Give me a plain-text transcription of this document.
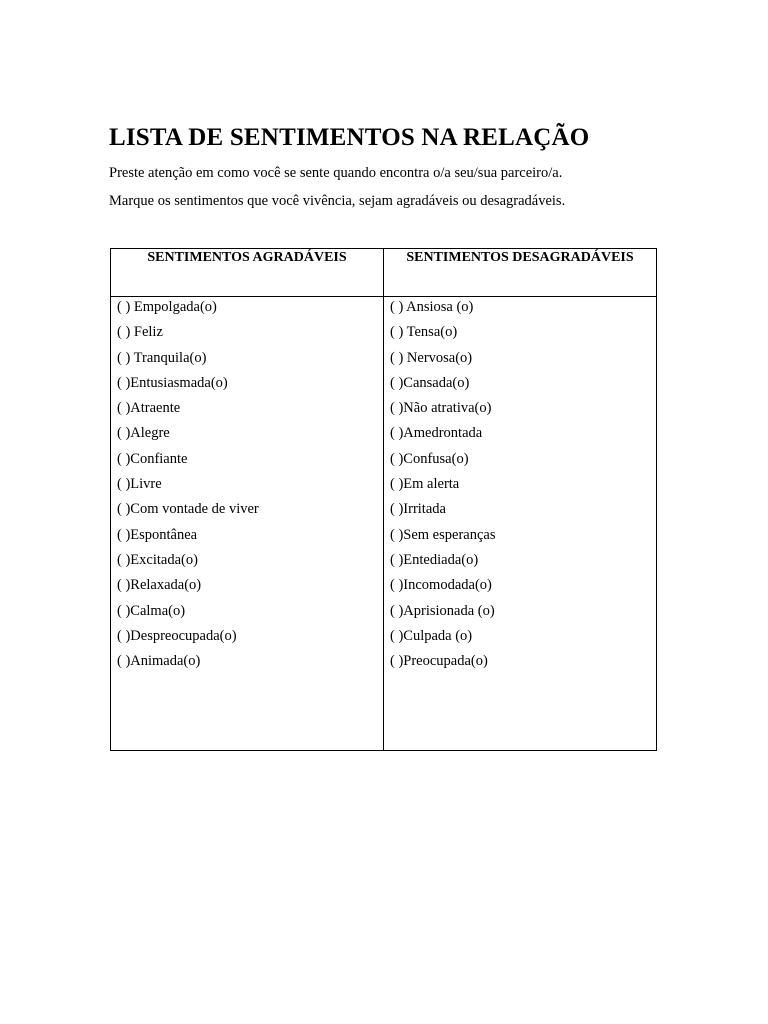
LISTA DE SENTIMENTOS NA RELAÇÃO

Preste atenção em como você se sente quando encontra o/a seu/sua parceiro/a.

Marque os sentimentos que você vivência, sejam agradáveis ou desagradáveis.

SENTIMENTOS AGRADÁVEIS
( ) Empolgada(o)
( ) Feliz
( ) Tranquila(o)
( )Entusiasmada(o)
( )Atraente
( )Alegre
( )Confiante
( )Livre
( )Com vontade de viver
( )Espontânea
( )Excitada(o)
( )Relaxada(o)
( )Calma(o)
( )Despreocupada(o)
( )Animada(o)
SENTIMENTOS DESAGRADÁVEIS
( ) Ansiosa (o)
( ) Tensa(o)
( ) Nervosa(o)
( )Cansada(o)
( )Não atrativa(o)
( )Amedrontada
( )Confusa(o)
( )Em alerta
( )Irritada
( )Sem esperanças
( )Entediada(o)
( )Incomodada(o)
( )Aprisionada (o)
( )Culpada (o)
( )Preocupada(o)
